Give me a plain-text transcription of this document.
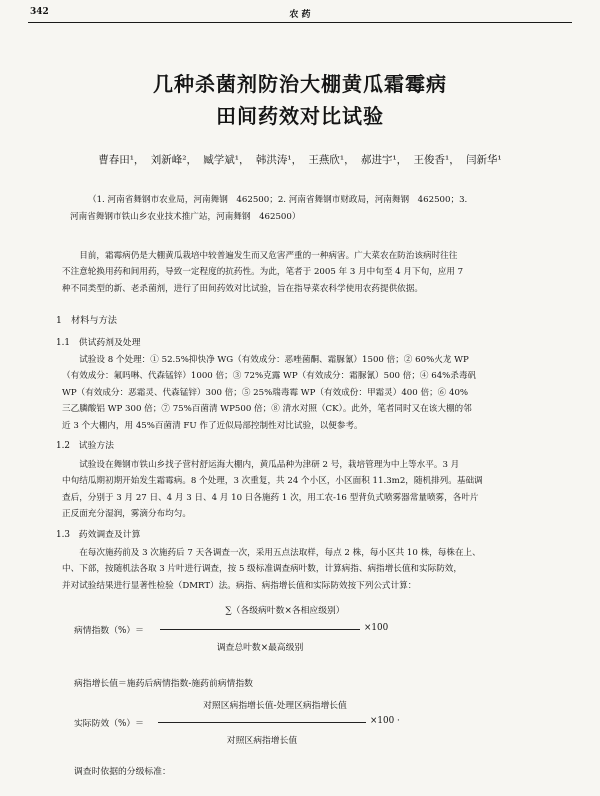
342	农 药
几种杀菌剂防治大棚黄瓜霜霉病
田间药效对比试验
曹春田¹， 刘新峰²， 臧学斌¹， 韩洪涛¹， 王燕欣¹， 郝进宇¹， 王俊香¹， 闫新华¹
（1. 河南省舞钢市农业局，河南舞钢　462500；2. 河南省舞钢市财政局，河南舞钢　462500；3.
河南省舞钢市铁山乡农业技术推广站，河南舞钢　462500）
目前，霜霉病仍是大棚黄瓜栽培中较普遍发生而又危害严重的一种病害。广大菜农在防治该病时往往
不注意轮换用药和间用药，导致一定程度的抗药性。为此，笔者于 2005 年 3 月中旬至 4 月下旬，应用 7
种不同类型的新、老杀菌剂，进行了田间药效对比试验，旨在指导菜农科学使用农药提供依据。
1　材料与方法
1.1　供试药剂及处理
试验设 8 个处理：① 52.5%抑快净 WG（有效成分：恶唑菌酮、霜脲氰）1500 倍；② 60%火龙 WP
（有效成分：氟吗啉、代森锰锌）1000 倍；③ 72%克露 WP（有效成分：霜脲氰）500 倍；④ 64%杀毒矾
WP（有效成分：恶霜灵、代森锰锌）300 倍；⑤ 25%瑞毒霉 WP（有效成份：甲霜灵）400 倍；⑥ 40%
三乙膦酸铝 WP 300 倍；⑦ 75%百菌清 WP500 倍；⑧ 清水对照（CK）。此外，笔者同时又在该大棚的邻
近 3 个大棚内，用 45%百菌清 FU 作了近似局部控制性对比试验，以便参考。
1.2　试验方法
试验设在舞钢市铁山乡找子营村舒运海大棚内，黄瓜品种为津研 2 号，栽培管理为中上等水平。3 月
中旬结瓜期初期开始发生霜霉病。8 个处理，3 次重复，共 24 个小区，小区面积 11.3m2，随机排列。基础调
查后，分别于 3 月 27 日、4 月 3 日、4 月 10 日各施药 1 次，用工农-16 型背负式喷雾器常量喷雾，各叶片
正反面充分湿润，雾滴分布均匀。
1.3　药效调查及计算
在每次施药前及 3 次施药后 7 天各调查一次，采用五点法取样，每点 2 株，每小区共 10 株，每株在上、
中、下部，按随机法各取 3 片叶进行调查，按 5 级标准调查病叶数，计算病指、病指增长值和实际防效，
并对试验结果进行显著性检验（DMRT）法。病指、病指增长值和实际防效按下列公式计算：
∑（各级病叶数×各相应级别）
病情指数（%）＝	×100
调查总叶数×最高级别
病指增长值＝施药后病情指数-施药前病情指数
对照区病指增长值-处理区病指增长值
实际防效（%）＝	×100 ·
对照区病指增长值
调查时依据的分级标准：
